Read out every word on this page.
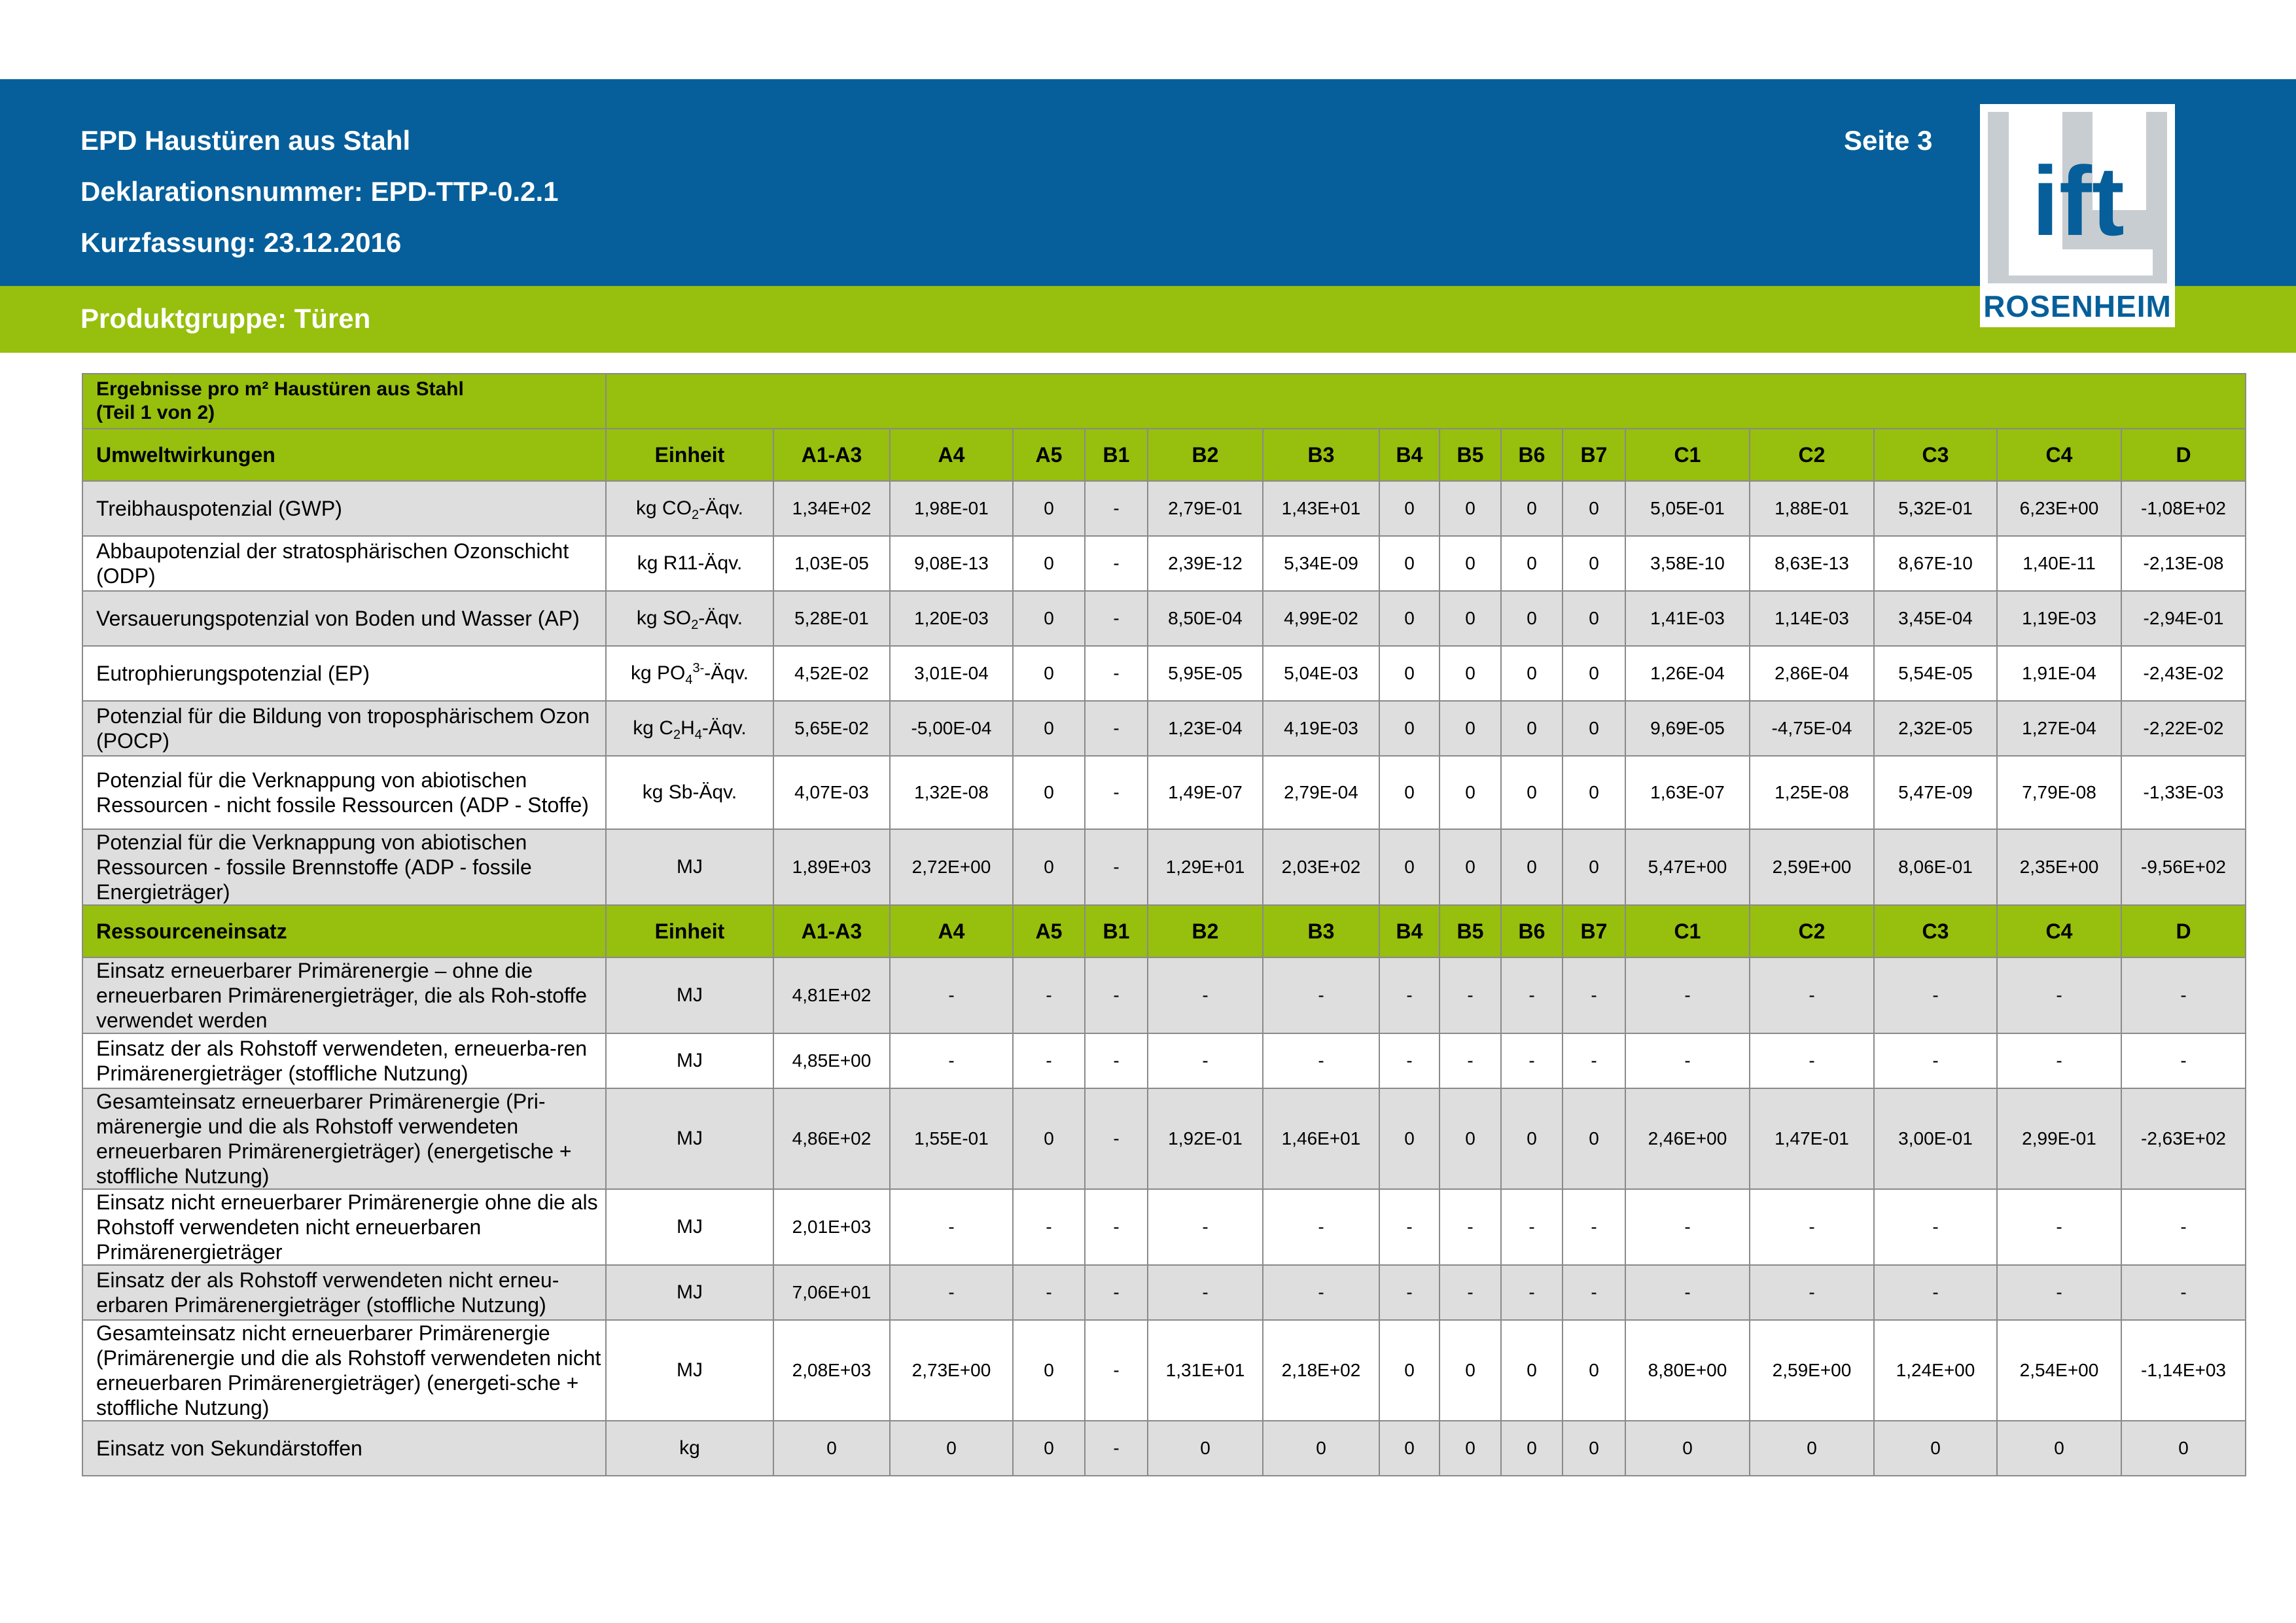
EPD Haustüren aus Stahl
Deklarationsnummer: EPD-TTP-0.2.1
Kurzfassung: 23.12.2016
Produktgruppe: Türen
Seite 3
ift
ROSENHEIM
Ergebnisse pro m² Haustüren aus Stahl
(Teil 1 von 2)																

Umweltwirkungen	Einheit	A1-A3	A4	A5	B1	B2	B3	B4	B5	B6	B7	C1	C2	C3	C4	D
Treibhauspotenzial (GWP)	kg $CO_2$-Äqv.	1,34E+02	1,98E-01	0	-	2,79E-01	1,43E+01	0	0	0	0	5,05E-01	1,88E-01	5,32E-01	6,23E+00	-1,08E+02
Abbaupotenzial der stratosphärischen Ozonschicht (ODP)	kg R11-Äqv.	1,03E-05	9,08E-13	0	-	2,39E-12	5,34E-09	0	0	0	0	3,58E-10	8,63E-13	8,67E-10	1,40E-11	-2,13E-08
Versauerungspotenzial von Boden und Wasser (AP)	kg $SO_2$-Äqv.	5,28E-01	1,20E-03	0	-	8,50E-04	4,99E-02	0	0	0	0	1,41E-03	1,14E-03	3,45E-04	1,19E-03	-2,94E-01
Eutrophierungspotenzial (EP)	kg $PO_4^{3-}$-Äqv.	4,52E-02	3,01E-04	0	-	5,95E-05	5,04E-03	0	0	0	0	1,26E-04	2,86E-04	5,54E-05	1,91E-04	-2,43E-02
Potenzial für die Bildung von troposphärischem Ozon (POCP)	kg $C_2H_4$-Äqv.	5,65E-02	-5,00E-04	0	-	1,23E-04	4,19E-03	0	0	0	0	9,69E-05	-4,75E-04	2,32E-05	1,27E-04	-2,22E-02
Potenzial für die Verknappung von abiotischen Ressourcen - nicht fossile Ressourcen (ADP - Stoffe)	kg Sb-Äqv.	4,07E-03	1,32E-08	0	-	1,49E-07	2,79E-04	0	0	0	0	1,63E-07	1,25E-08	5,47E-09	7,79E-08	-1,33E-03
Potenzial für die Verknappung von abiotischen Ressourcen - fossile Brennstoffe (ADP - fossile Energieträger)	MJ	1,89E+03	2,72E+00	0	-	1,29E+01	2,03E+02	0	0	0	0	5,47E+00	2,59E+00	8,06E-01	2,35E+00	-9,56E+02
Ressourceneinsatz	Einheit	A1-A3	A4	A5	B1	B2	B3	B4	B5	B6	B7	C1	C2	C3	C4	D
Einsatz erneuerbarer Primärenergie – ohne die erneuerbaren Primärenergieträger, die als Roh-stoffe verwendet werden	MJ	4,81E+02	-	-	-	-	-	-	-	-	-	-	-	-	-	-
Einsatz der als Rohstoff verwendeten, erneuerba-ren Primärenergieträger (stoffliche Nutzung)	MJ	4,85E+00	-	-	-	-	-	-	-	-	-	-	-	-	-	-
Gesamteinsatz erneuerbarer Primärenergie (Pri-märenergie und die als Rohstoff verwendeten erneuerbaren Primärenergieträger) (energetische + stoffliche Nutzung)	MJ	4,86E+02	1,55E-01	0	-	1,92E-01	1,46E+01	0	0	0	0	2,46E+00	1,47E-01	3,00E-01	2,99E-01	-2,63E+02
Einsatz nicht erneuerbarer Primärenergie ohne die als Rohstoff verwendeten nicht erneuerbaren Primärenergieträger	MJ	2,01E+03	-	-	-	-	-	-	-	-	-	-	-	-	-	-
Einsatz der als Rohstoff verwendeten nicht erneu-erbaren Primärenergieträger (stoffliche Nutzung)	MJ	7,06E+01	-	-	-	-	-	-	-	-	-	-	-	-	-	-
Gesamteinsatz nicht erneuerbarer Primärenergie (Primärenergie und die als Rohstoff verwendeten nicht erneuerbaren Primärenergieträger) (energeti-sche + stoffliche Nutzung)	MJ	2,08E+03	2,73E+00	0	-	1,31E+01	2,18E+02	0	0	0	0	8,80E+00	2,59E+00	1,24E+00	2,54E+00	-1,14E+03
Einsatz von Sekundärstoffen	kg	0	0	0	-	0	0	0	0	0	0	0	0	0	0	0
